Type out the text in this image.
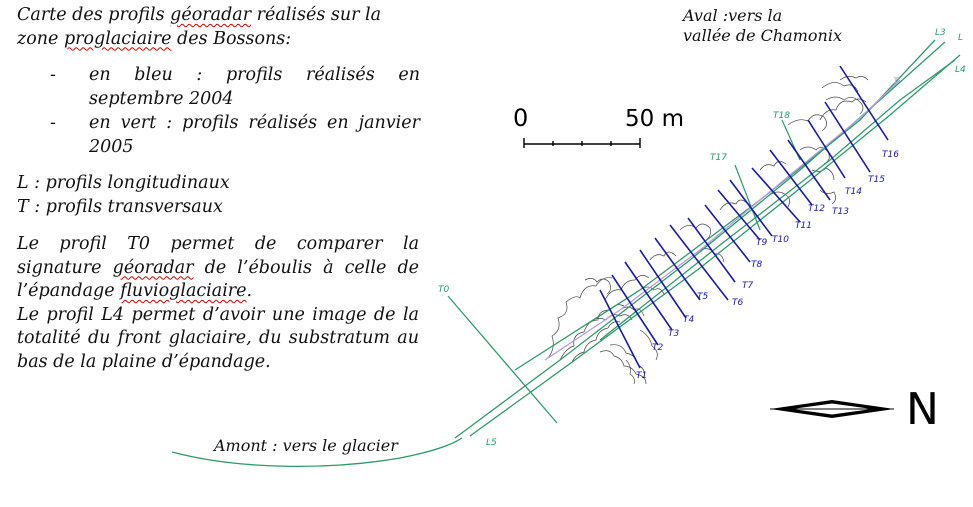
Carte des profils géoradar réalisés sur la zone proglaciaire des Bossons:
- en bleu : profils réalisés en septembre 2004
- en vert : profils réalisés en janvier 2005
L : profils longitudinaux
T : profils transversaux
Le profil T0 permet de comparer la signature géoradar de l’éboulis à celle de l’épandage fluvioglaciaire.
Le profil L4 permet d’avoir une image de la totalité du front glaciaire, du substratum au bas de la plaine d’épandage.
L3
L4
L5
L
T0
T17
T18
T
T1
T2
T3
T4
T5
T6
T7
T8
T9 T10
T11
T12 T13
T14
T15
T16
Aval :vers la
vallée de Chamonix
Amont : vers le glacier
0	50 m
N
